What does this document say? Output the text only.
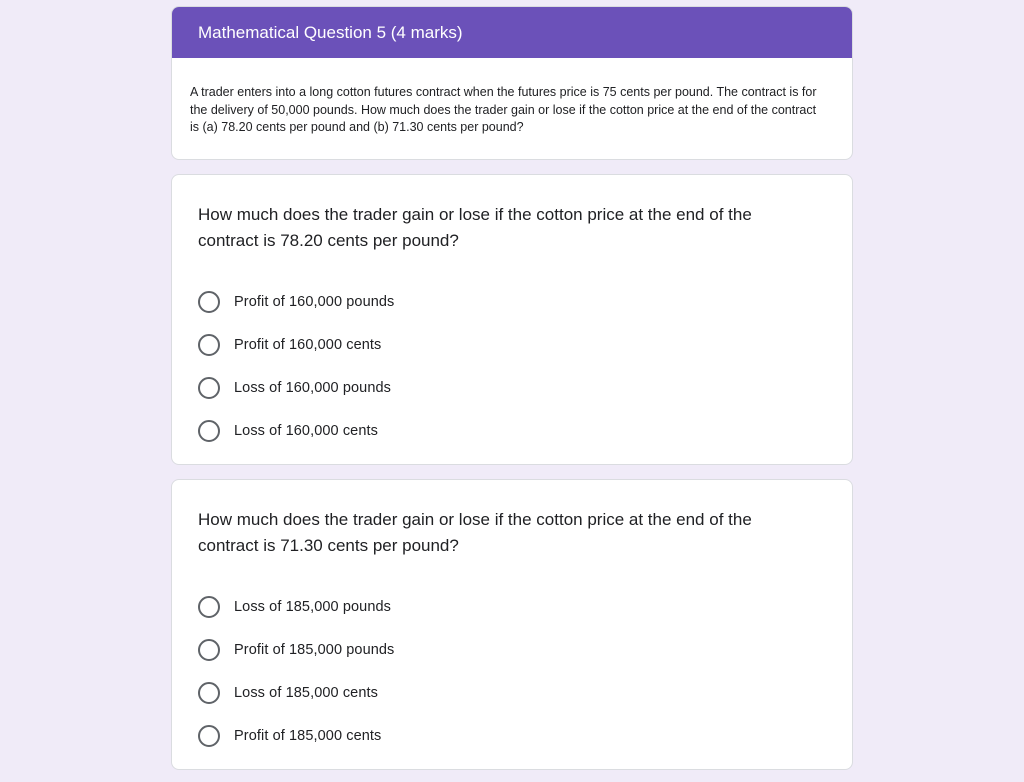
Mathematical Question 5 (4 marks)
A trader enters into a long cotton futures contract when the futures price is 75 cents per pound. The contract is for the delivery of 50,000 pounds. How much does the trader gain or lose if the cotton price at the end of the contract is (a) 78.20 cents per pound and (b) 71.30 cents per pound?
How much does the trader gain or lose if the cotton price at the end of the contract is 78.20 cents per pound?
Profit of 160,000 pounds
Profit of 160,000 cents
Loss of 160,000 pounds
Loss of 160,000 cents
How much does the trader gain or lose if the cotton price at the end of the contract is 71.30 cents per pound?
Loss of 185,000 pounds
Profit of 185,000 pounds
Loss of 185,000 cents
Profit of 185,000 cents
